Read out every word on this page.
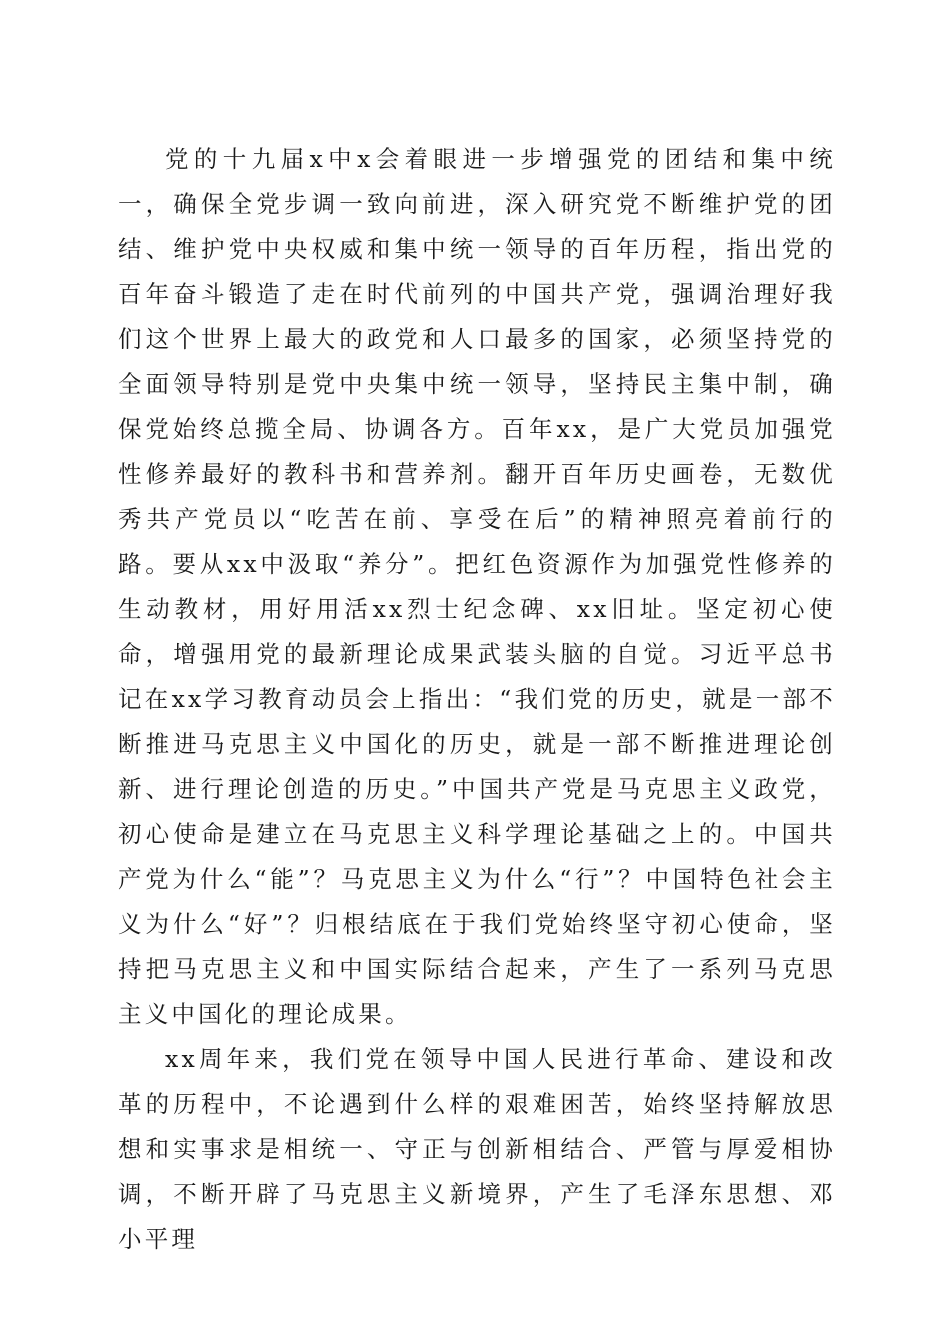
党的十九届x中x会着眼进一步增强党的团结和集中统一，确保全党步调一致向前进，深入研究党不断维护党的团结、维护党中央权威和集中统一领导的百年历程，指出党的百年奋斗锻造了走在时代前列的中国共产党，强调治理好我们这个世界上最大的政党和人口最多的国家，必须坚持党的全面领导特别是党中央集中统一领导，坚持民主集中制，确保党始终总揽全局、协调各方。百年xx，是广大党员加强党性修养最好的教科书和营养剂。翻开百年历史画卷，无数优秀共产党员以“吃苦在前、享受在后”的精神照亮着前行的路。要从xx中汲取“养分”。把红色资源作为加强党性修养的生动教材，用好用活xx烈士纪念碑、xx旧址。坚定初心使命，增强用党的最新理论成果武装头脑的自觉。习近平总书记在xx学习教育动员会上指出：“我们党的历史，就是一部不断推进马克思主义中国化的历史，就是一部不断推进理论创新、进行理论创造的历史。”中国共产党是马克思主义政党，初心使命是建立在马克思主义科学理论基础之上的。中国共产党为什么“能”？马克思主义为什么“行”？中国特色社会主义为什么“好”？归根结底在于我们党始终坚守初心使命，坚持把马克思主义和中国实际结合起来，产生了一系列马克思主义中国化的理论成果。

xx周年来，我们党在领导中国人民进行革命、建设和改革的历程中，不论遇到什么样的艰难困苦，始终坚持解放思想和实事求是相统一、守正与创新相结合、严管与厚爱相协调，不断开辟了马克思主义新境界，产生了毛泽东思想、邓小平理
